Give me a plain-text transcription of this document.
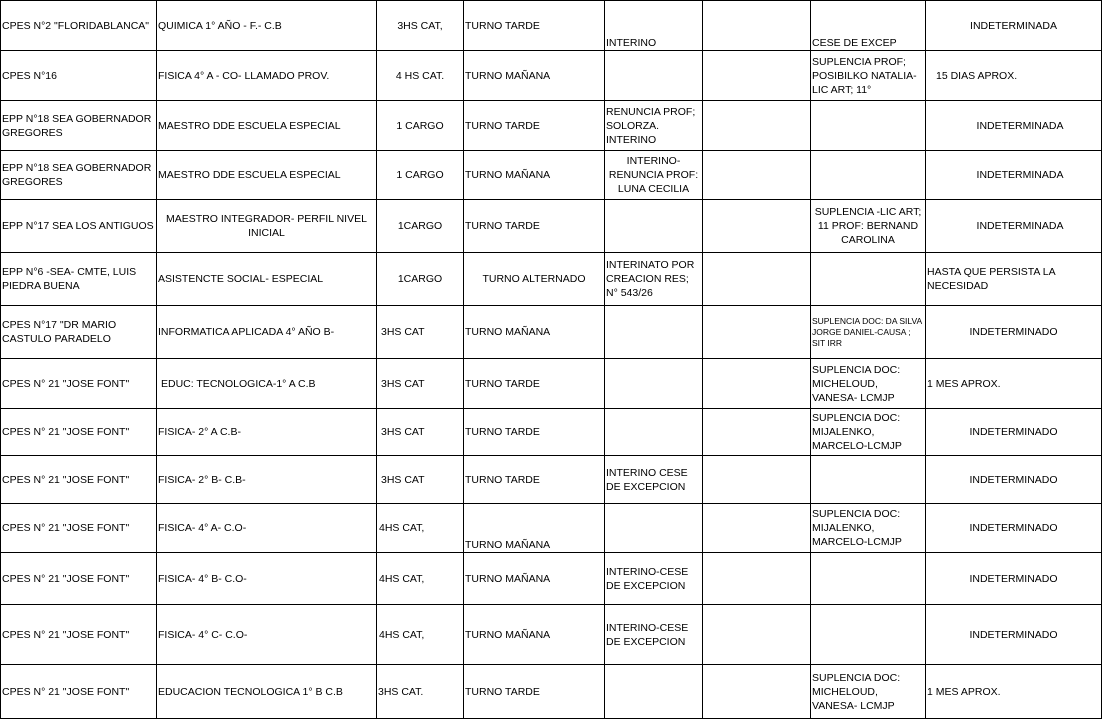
CPES N°2 "FLORIDABLANCA"	QUIMICA 1° AÑO - F.- C.B	3HS CAT,	TURNO TARDE	INTERINO		CESE DE EXCEP	INDETERMINADA
CPES N°16	FISICA 4° A - CO- LLAMADO PROV.	4 HS CAT.	TURNO MAÑANA			SUPLENCIA PROF; POSIBILKO NATALIA- LIC ART; 11°	15 DIAS APROX.
EPP N°18 SEA GOBERNADOR GREGORES	MAESTRO DDE ESCUELA ESPECIAL	1 CARGO	TURNO TARDE	RENUNCIA PROF; SOLORZA. INTERINO			INDETERMINADA
EPP N°18 SEA GOBERNADOR GREGORES	MAESTRO DDE ESCUELA ESPECIAL	1 CARGO	TURNO MAÑANA	INTERINO- RENUNCIA PROF: LUNA CECILIA			INDETERMINADA
EPP N°17 SEA LOS ANTIGUOS	MAESTRO INTEGRADOR- PERFIL NIVEL INICIAL	1CARGO	TURNO TARDE			SUPLENCIA -LIC ART; 11 PROF: BERNAND CAROLINA	INDETERMINADA
EPP N°6 -SEA- CMTE, LUIS PIEDRA BUENA	ASISTENCTE SOCIAL- ESPECIAL	1CARGO	TURNO ALTERNADO	INTERINATO POR CREACION RES; N° 543/26			HASTA QUE PERSISTA LA NECESIDAD
CPES N°17 "DR MARIO CASTULO PARADELO	INFORMATICA APLICADA 4° AÑO B-	3HS CAT	TURNO MAÑANA			SUPLENCIA DOC: DA SILVA JORGE DANIEL-CAUSA ; SIT IRR	INDETERMINADO
CPES N° 21 "JOSE FONT"	EDUC: TECNOLOGICA-1° A C.B	3HS CAT	TURNO TARDE			SUPLENCIA DOC: MICHELOUD, VANESA- LCMJP	1 MES APROX.
CPES N° 21 "JOSE FONT"	FISICA- 2° A C.B-	3HS CAT	TURNO TARDE			SUPLENCIA DOC: MIJALENKO, MARCELO-LCMJP	INDETERMINADO
CPES N° 21 "JOSE FONT"	FISICA- 2° B- C.B-	3HS CAT	TURNO TARDE	INTERINO CESE DE EXCEPCION			INDETERMINADO
CPES N° 21 "JOSE FONT"	FISICA- 4° A- C.O-	4HS CAT,	TURNO MAÑANA			SUPLENCIA DOC: MIJALENKO, MARCELO-LCMJP	INDETERMINADO
CPES N° 21 "JOSE FONT"	FISICA- 4° B- C.O-	4HS CAT,	TURNO MAÑANA	INTERINO-CESE DE EXCEPCION			INDETERMINADO
CPES N° 21 "JOSE FONT"	FISICA- 4° C- C.O-	4HS CAT,	TURNO MAÑANA	INTERINO-CESE DE EXCEPCION			INDETERMINADO
CPES N° 21 "JOSE FONT"	EDUCACION TECNOLOGICA 1° B C.B	3HS CAT.	TURNO TARDE			SUPLENCIA DOC: MICHELOUD, VANESA- LCMJP	1 MES APROX.
